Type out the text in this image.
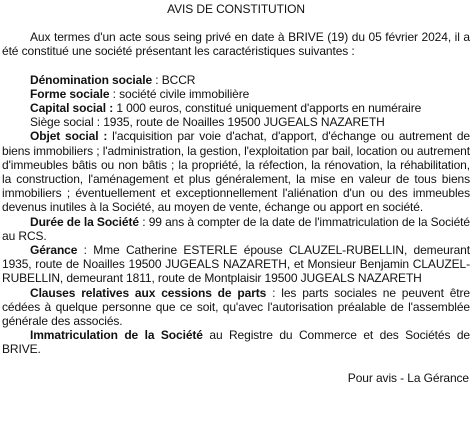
AVIS DE CONSTITUTION

Aux termes d'un acte sous seing privé en date à BRIVE (19) du 05 février 2024, il a été constitué une société présentant les caractéristiques suivantes :

Dénomination sociale : BCCR

Forme sociale : société civile immobilière

Capital social : 1 000 euros, constitué uniquement d'apports en numéraire

Siège social : 1935, route de Noailles 19500 JUGEALS NAZARETH

Objet social : l'acquisition par voie d'achat, d'apport, d'échange ou autrement de biens immobiliers ; l'administration, la gestion, l'exploitation par bail, location ou autrement d'immeubles bâtis ou non bâtis ; la propriété, la réfection, la rénovation, la réhabilitation, la construction, l'aménagement et plus généralement, la mise en valeur de tous biens immobiliers ; éventuellement et exceptionnellement l'aliénation d'un ou des immeubles devenus inutiles à la Société, au moyen de vente, échange ou apport en société.

Durée de la Société : 99 ans à compter de la date de l'immatriculation de la Société au RCS.

Gérance : Mme Catherine ESTERLE épouse CLAUZEL-RUBELLIN, demeurant 1935, route de Noailles 19500 JUGEALS NAZARETH, et Monsieur Benjamin CLAUZEL-RUBELLIN, demeurant 1811, route de Montplaisir 19500 JUGEALS NAZARETH

Clauses relatives aux cessions de parts : les parts sociales ne peuvent être cédées à quelque personne que ce soit, qu'avec l'autorisation préalable de l'assemblée générale des associés.

Immatriculation de la Société au Registre du Commerce et des Sociétés de BRIVE.

Pour avis - La Gérance
